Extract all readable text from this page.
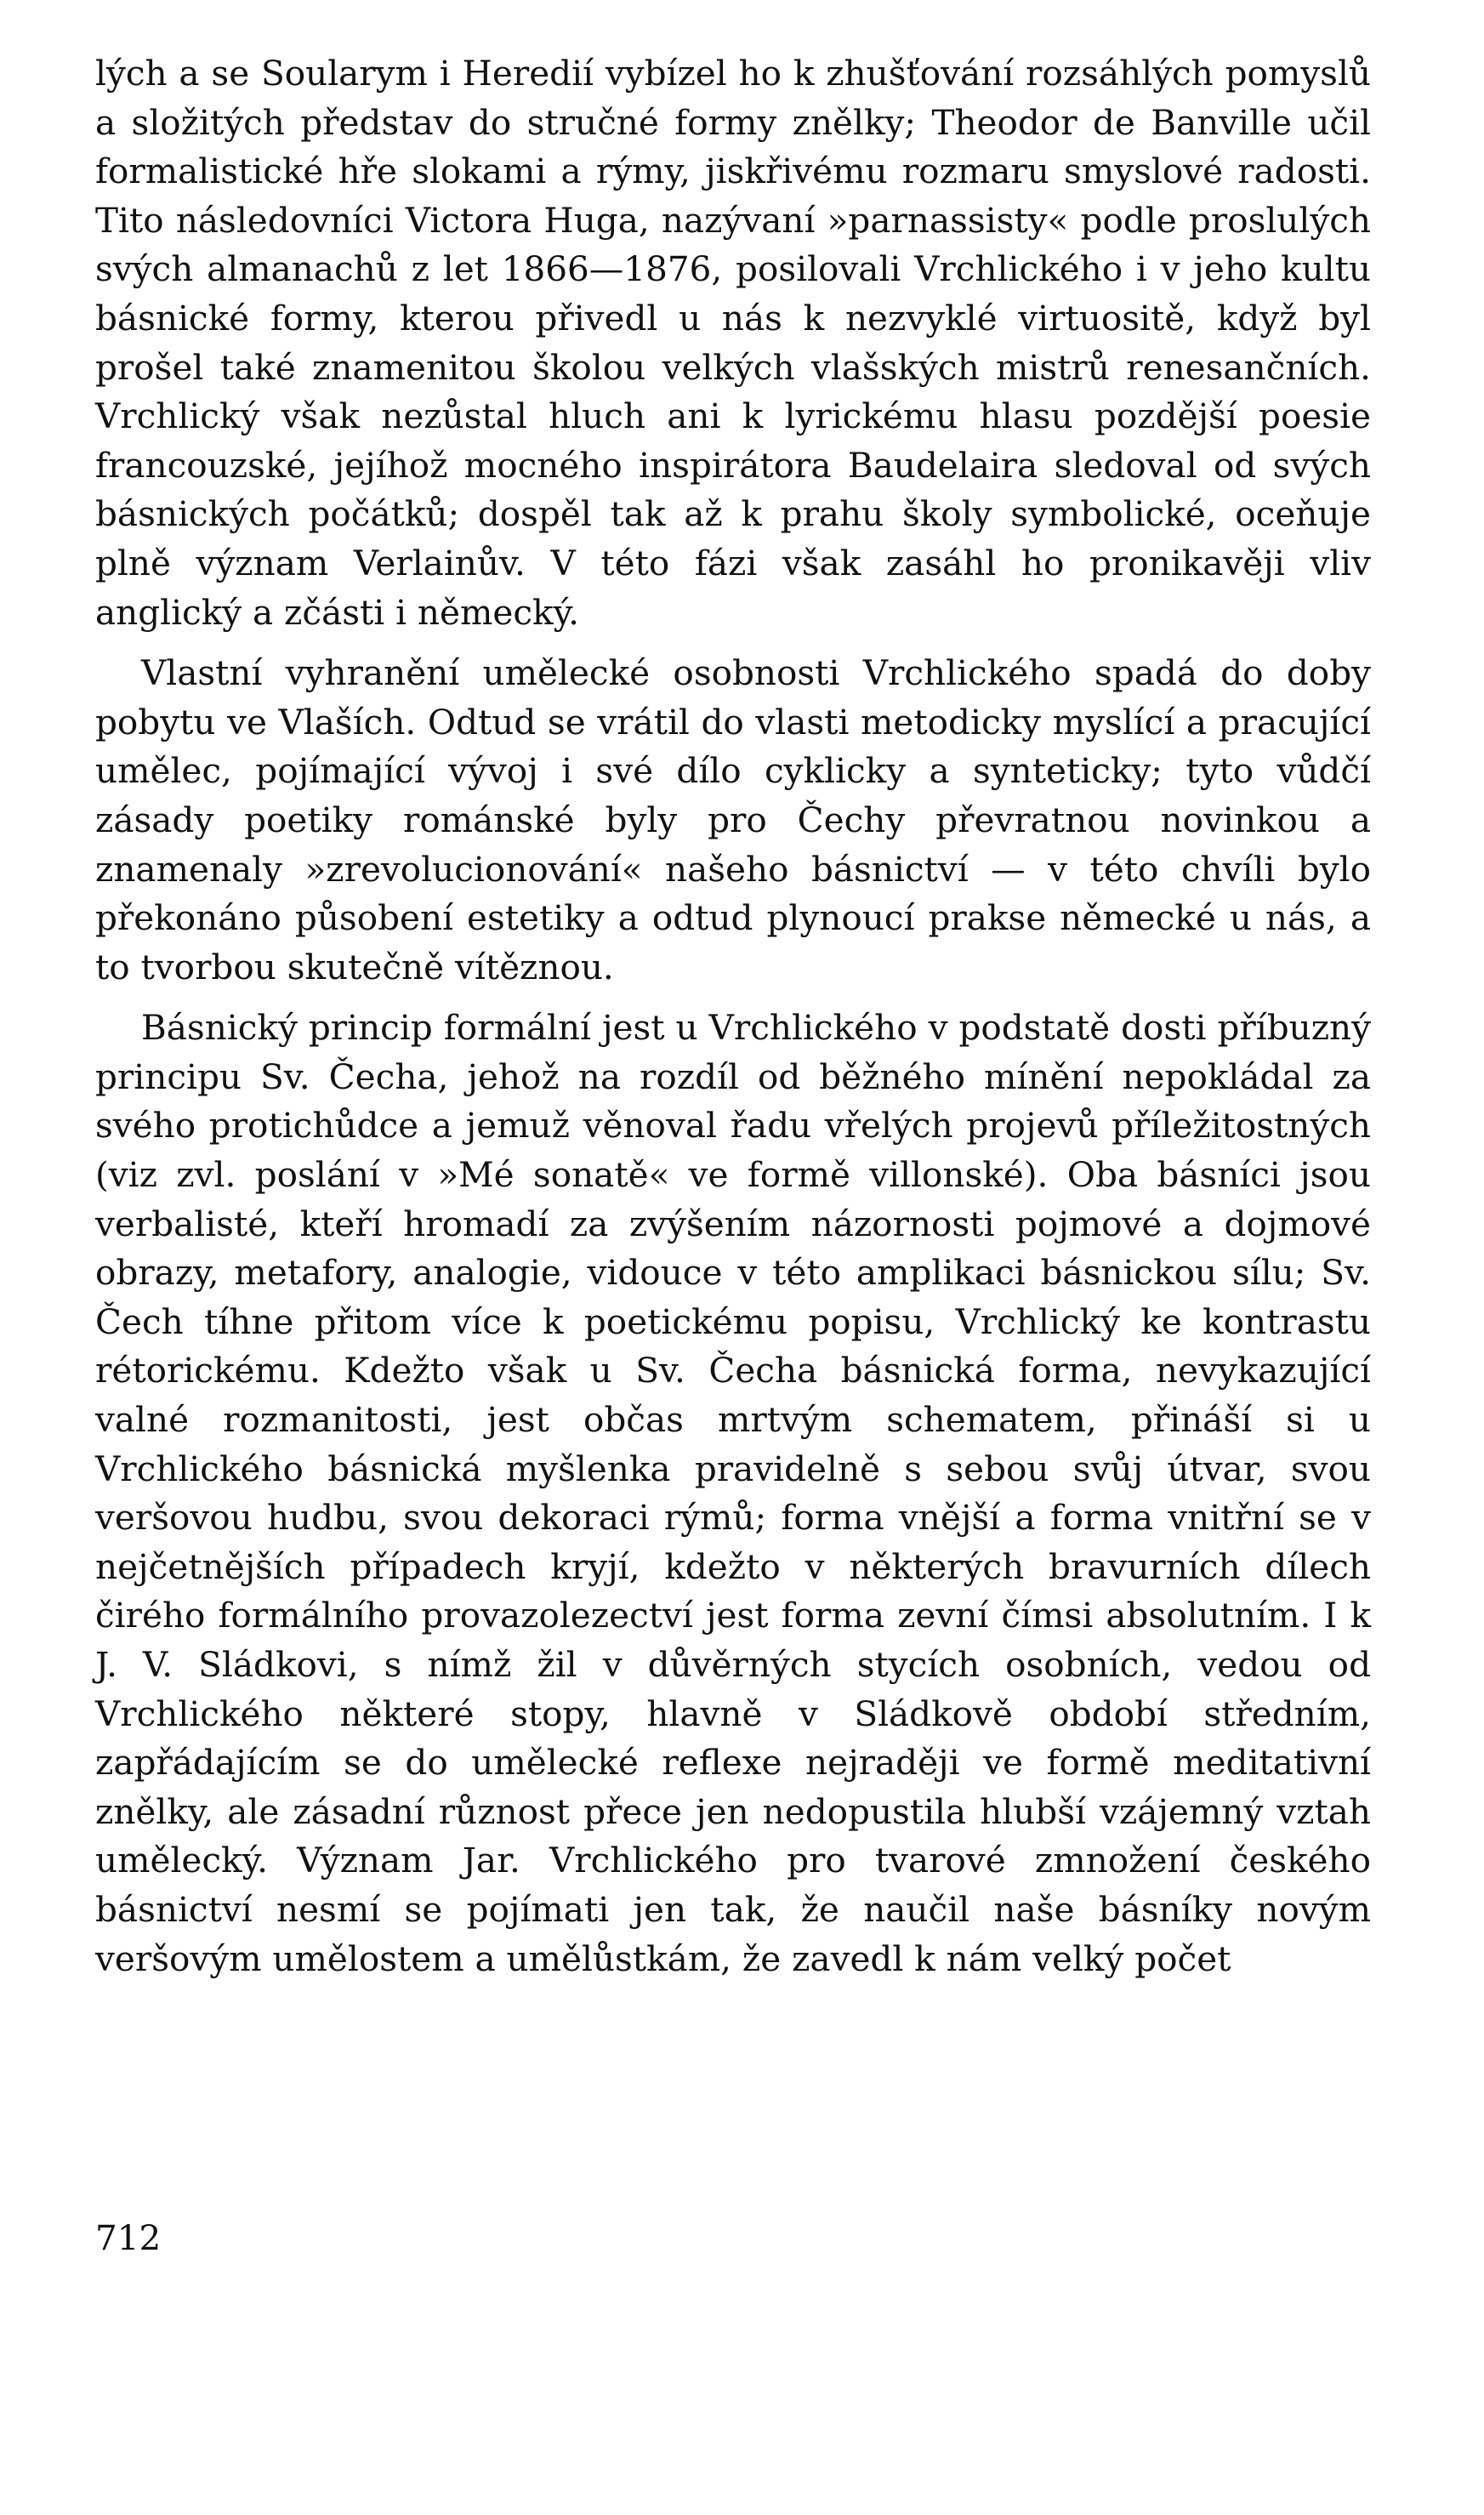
lých a se Soularym i Heredií vybízel ho k zhušťování rozsáhlých pomyslů a složitých představ do stručné formy znělky; Theodor de Banville učil formalistické hře slokami a rýmy, jiskřivému rozmaru smyslové radosti. Tito následovníci Victora Huga, nazývaní »parnassisty« podle proslulých svých almanachů z let 1866—1876, posilovali Vrchlického i v jeho kultu básnické formy, kterou přivedl u nás k nezvyklé virtuositě, když byl prošel také znamenitou školou velkých vlašských mistrů renesančních. Vrchlický však nezůstal hluch ani k lyrickému hlasu pozdější poesie francouzské, jejíhož mocného inspirátora Baudelaira sledoval od svých básnických počátků; dospěl tak až k prahu školy symbolické, oceňuje plně význam Verlainův. V této fázi však zasáhl ho pronikavěji vliv anglický a zčásti i německý.

Vlastní vyhranění umělecké osobnosti Vrchlického spadá do doby pobytu ve Vlaších. Odtud se vrátil do vlasti metodicky myslící a pracující umělec, pojímající vývoj i své dílo cyklicky a synteticky; tyto vůdčí zásady poetiky románské byly pro Čechy převratnou novinkou a znamenaly »zrevolucionování« našeho básnictví — v této chvíli bylo překonáno působení estetiky a odtud plynoucí prakse německé u nás, a to tvorbou skutečně vítěznou.

Básnický princip formální jest u Vrchlického v podstatě dosti příbuzný principu Sv. Čecha, jehož na rozdíl od běžného mínění nepokládal za svého protichůdce a jemuž věnoval řadu vřelých projevů příležitostných (viz zvl. poslání v »Mé sonatě« ve formě villonské). Oba básníci jsou verbalisté, kteří hromadí za zvýšením názornosti pojmové a dojmové obrazy, metafory, analogie, vidouce v této amplikaci básnickou sílu; Sv. Čech tíhne přitom více k poetickému popisu, Vrchlický ke kontrastu rétorickému. Kdežto však u Sv. Čecha básnická forma, nevykazující valné rozmanitosti, jest občas mrtvým schematem, přináší si u Vrchlického básnická myšlenka pravidelně s sebou svůj útvar, svou veršovou hudbu, svou dekoraci rýmů; forma vnější a forma vnitřní se v nejčetnějších případech kryjí, kdežto v některých bravurních dílech čirého formálního provazolezectví jest forma zevní čímsi absolutním. I k J. V. Sládkovi, s nímž žil v důvěrných stycích osobních, vedou od Vrchlického některé stopy, hlavně v Sládkově období středním, zapřádajícím se do umělecké reflexe nejraději ve formě meditativní znělky, ale zásadní různost přece jen nedopustila hlubší vzájemný vztah umělecký. Význam Jar. Vrchlického pro tvarové zmnožení českého básnictví nesmí se pojímati jen tak, že naučil naše básníky novým veršovým umělostem a umělůstkám, že zavedl k nám velký počet

712
